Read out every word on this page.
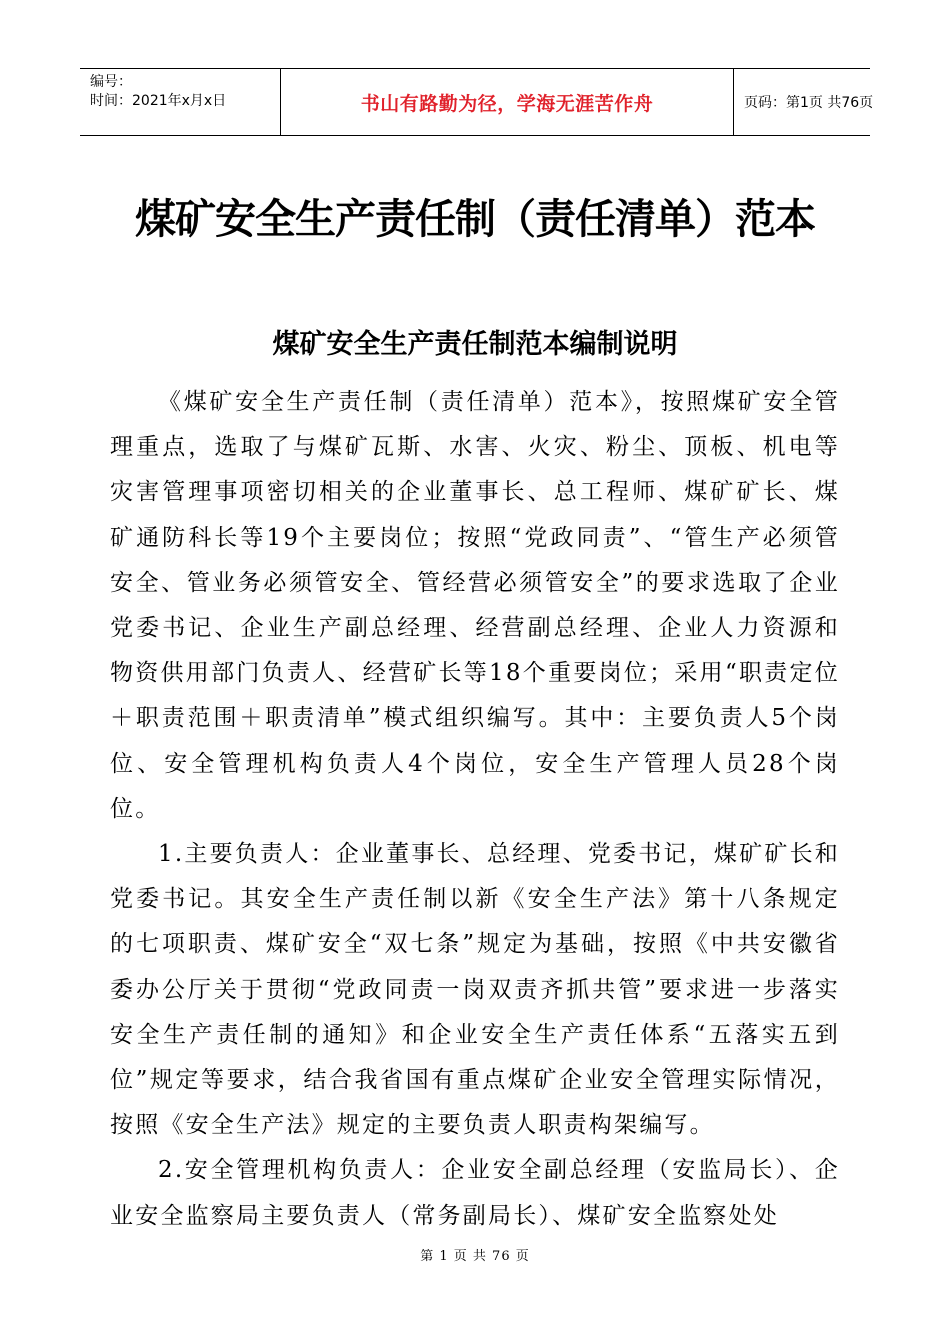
编号：
时间：2021年x月x日	书山有路勤为径，学海无涯苦作舟	页码：第1页 共76页
煤矿安全生产责任制（责任清单）范本
煤矿安全生产责任制范本编制说明

《煤矿安全生产责任制（责任清单）范本》，按照煤矿安全管理重点，选取了与煤矿瓦斯、水害、火灾、粉尘、顶板、机电等灾害管理事项密切相关的企业董事长、总工程师、煤矿矿长、煤矿通防科长等19个主要岗位；按照“党政同责”、“管生产必须管安全、管业务必须管安全、管经营必须管安全”的要求选取了企业党委书记、企业生产副总经理、经营副总经理、企业人力资源和物资供用部门负责人、经营矿长等18个重要岗位；采用“职责定位＋职责范围＋职责清单”模式组织编写。其中：主要负责人5个岗位、安全管理机构负责人4个岗位，安全生产管理人员28个岗位。

1.主要负责人：企业董事长、总经理、党委书记，煤矿矿长和党委书记。其安全生产责任制以新《安全生产法》第十八条规定的七项职责、煤矿安全“双七条”规定为基础，按照《中共安徽省委办公厅关于贯彻“党政同责一岗双责齐抓共管”要求进一步落实安全生产责任制的通知》和企业安全生产责任体系“五落实五到位”规定等要求，结合我省国有重点煤矿企业安全管理实际情况，按照《安全生产法》规定的主要负责人职责构架编写。

2.安全管理机构负责人：企业安全副总经理（安监局长）、企业安全监察局主要负责人（常务副局长）、煤矿安全监察处处

第 1 页 共 76 页
